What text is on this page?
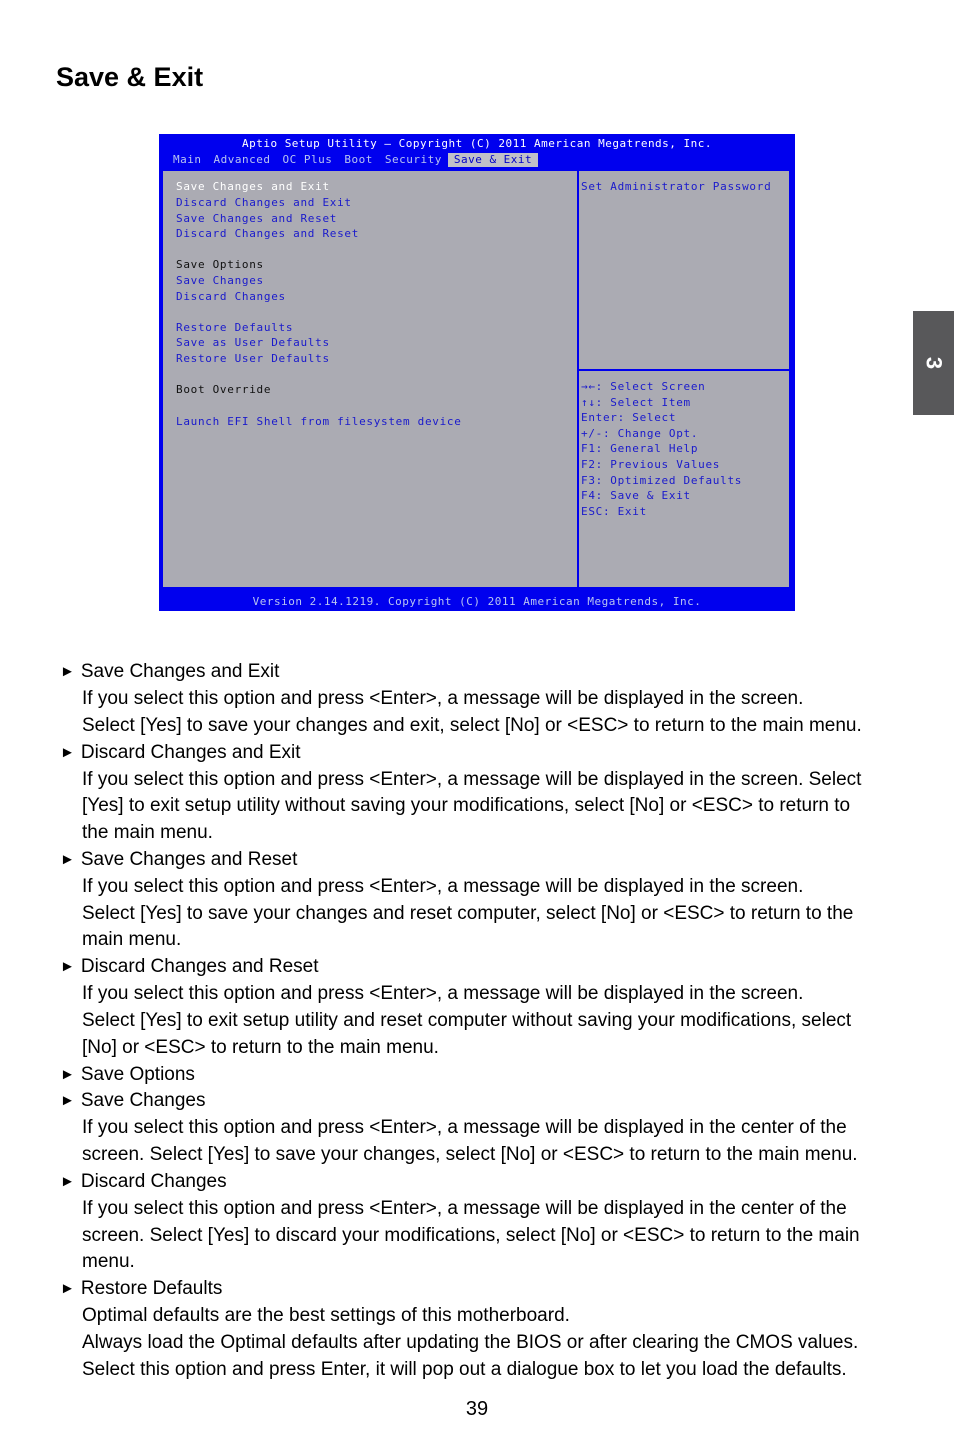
Save & Exit
3
Aptio Setup Utility – Copyright (C) 2011 American Megatrends, Inc.
Main	Advanced	OC Plus	Boot	Security	Save & Exit
Save Changes and Exit
Discard Changes and Exit
Save Changes and Reset
Discard Changes and Reset
Save Options
Save Changes
Discard Changes
Restore Defaults
Save as User Defaults
Restore User Defaults
Boot Override
Launch EFI Shell from filesystem device
Set Administrator Password
→←: Select Screen
↑↓: Select Item
Enter: Select
+/-: Change Opt.
F1: General Help
F2: Previous Values
F3: Optimized Defaults
F4: Save & Exit
ESC: Exit
Version 2.14.1219. Copyright (C) 2011 American Megatrends, Inc.
► Save Changes and Exit
If you select this option and press <Enter>, a message will be displayed in the screen.
Select [Yes] to save your changes and exit, select [No] or <ESC> to return to the main menu.
► Discard Changes and Exit
If you select this option and press <Enter>, a message will be displayed in the screen. Select
[Yes] to exit setup utility without saving your modifications, select [No] or <ESC> to return to
the main menu.
► Save Changes and Reset
If you select this option and press <Enter>, a message will be displayed in the screen.
Select [Yes] to save your changes and reset computer, select [No] or <ESC> to return to the
main menu.
► Discard Changes and Reset
If you select this option and press <Enter>, a message will be displayed in the screen.
Select [Yes] to exit setup utility and reset computer without saving your modifications, select
[No] or <ESC> to return to the main menu.
► Save Options
► Save Changes
If you select this option and press <Enter>, a message will be displayed in the center of the
screen. Select [Yes] to save your changes, select [No] or <ESC> to return to the main menu.
► Discard Changes
If you select this option and press <Enter>, a message will be displayed in the center of the
screen. Select [Yes] to discard your modifications, select [No] or <ESC> to return to the main
menu.
► Restore Defaults
Optimal defaults are the best settings of this motherboard.
Always load the Optimal defaults after updating the BIOS or after clearing the CMOS values.
Select this option and press Enter, it will pop out a dialogue box to let you load the defaults.
39
